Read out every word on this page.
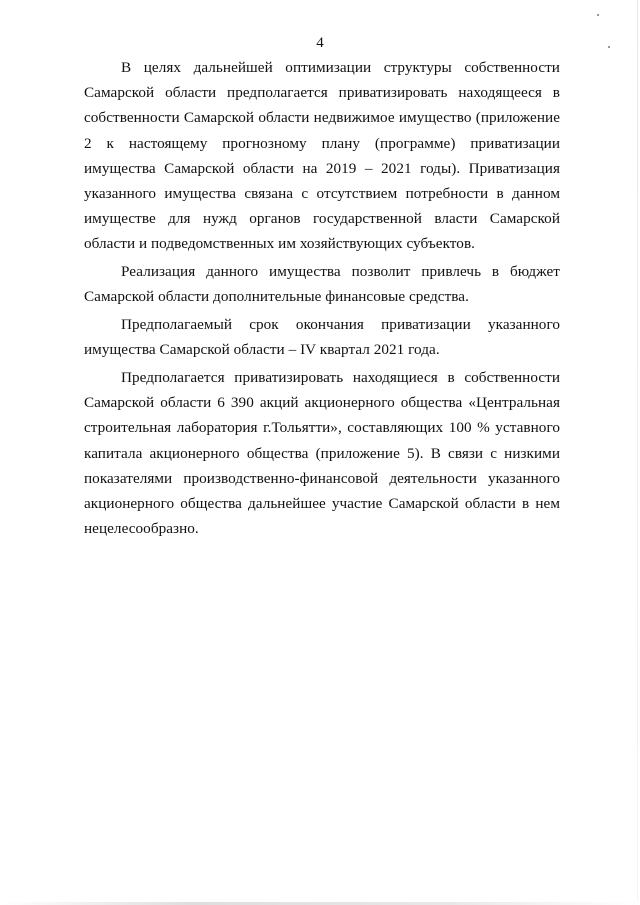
4

В целях дальнейшей оптимизации структуры собственности Самарской области предполагается приватизировать находящееся в собственности Самарской области недвижимое имущество (приложение 2 к настоящему прогнозному плану (программе) приватизации имущества Самарской области на 2019 – 2021 годы). Приватизация указанного имущества связана с отсутствием потребности в данном имуществе для нужд органов государственной власти Самарской области и подведомственных им хозяйствующих субъектов.

Реализация данного имущества позволит привлечь в бюджет Самарской области дополнительные финансовые средства.

Предполагаемый срок окончания приватизации указанного имущества Самарской области – IV квартал 2021 года.

Предполагается приватизировать находящиеся в собственности Самарской области 6 390 акций акционерного общества «Центральная строительная лаборатория г.Тольятти», составляющих 100 % уставного капитала акционерного общества (приложение 5). В связи с низкими показателями производственно-финансовой деятельности указанного акционерного общества дальнейшее участие Самарской области в нем нецелесообразно.
